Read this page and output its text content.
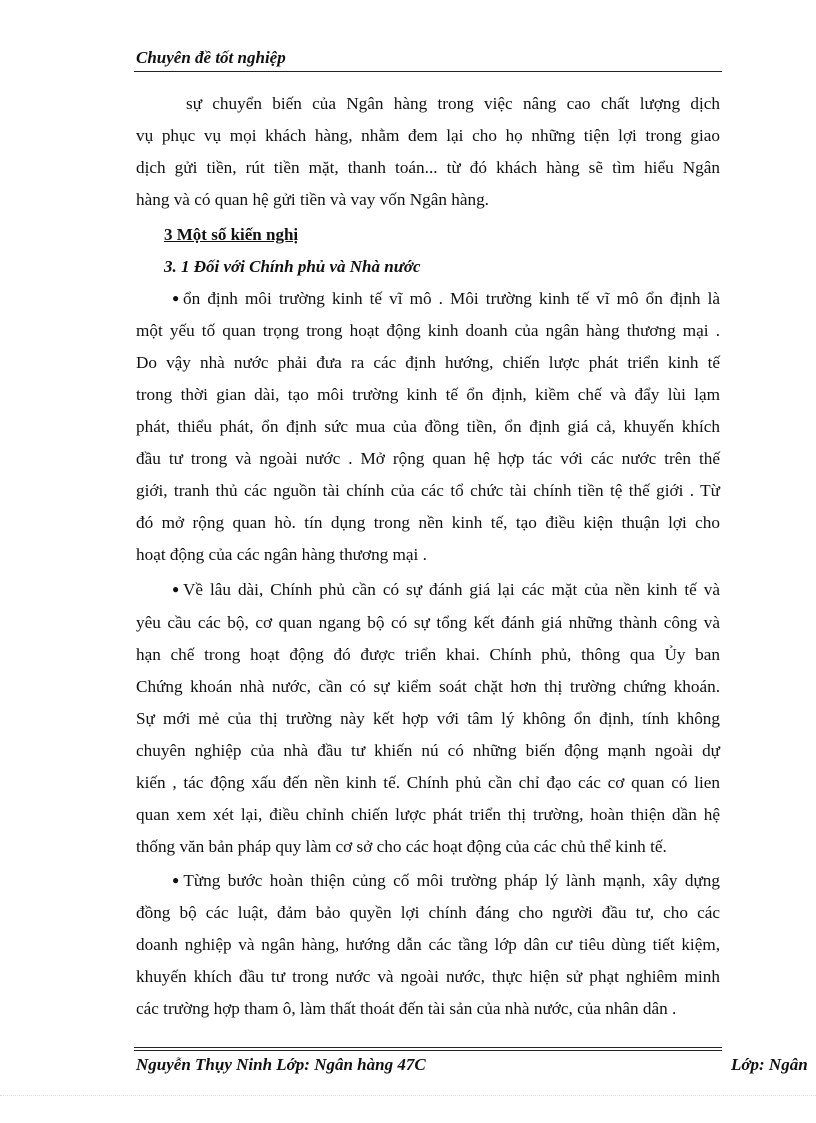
Chuyên đề tốt nghiệp
sự chuyển biến của Ngân hàng trong việc nâng cao chất lượng dịch
vụ phục vụ mọi khách hàng, nhằm đem lại cho họ những tiện lợi trong giao
dịch gửi tiền, rút tiền mặt, thanh toán... từ đó khách hàng sẽ tìm hiểu Ngân
hàng và có quan hệ gửi tiền và vay vốn Ngân hàng.
3 Một số kiến nghị
3. 1 Đối với Chính phủ và Nhà nước
●ổn định môi trường kinh tế vĩ mô . Môi trường kinh tế vĩ mô ổn định là
một yếu tố quan trọng trong hoạt động kinh doanh của ngân hàng thương mại .
Do vậy nhà nước phải đưa ra các định hướng, chiến lược phát triển kinh tế
trong thời gian dài, tạo môi trường kinh tế ổn định, kiềm chế và đẩy lùi lạm
phát, thiểu phát, ổn định sức mua của đồng tiền, ổn định giá cả, khuyến khích
đầu tư trong và ngoài nước . Mở rộng quan hệ hợp tác với các nước trên thế
giới, tranh thủ các nguồn tài chính của các tổ chức tài chính tiền tệ thế giới . Từ
đó mở rộng quan hò. tín dụng trong nền kinh tế, tạo điều kiện thuận lợi cho
hoạt động của các ngân hàng thương mại .
●Về lâu dài, Chính phủ cần có sự đánh giá lại các mặt của nền kinh tế và
yêu cầu các bộ, cơ quan ngang bộ có sự tổng kết đánh giá những thành công và
hạn chế trong hoạt động đó được triển khai. Chính phủ, thông qua Ủy ban
Chứng khoán nhà nước, cần có sự kiểm soát chặt hơn thị trường chứng khoán.
Sự mới mẻ của thị trường này kết hợp với tâm lý không ổn định, tính không
chuyên nghiệp của nhà đầu tư khiến nú có những biến động mạnh ngoài dự
kiến , tác động xấu đến nền kinh tế. Chính phủ cần chỉ đạo các cơ quan có lien
quan xem xét lại, điều chỉnh chiến lược phát triển thị trường, hoàn thiện dần hệ
thống văn bản pháp quy làm cơ sở cho các hoạt động của các chủ thể kinh tế.
●Từng bước hoàn thiện củng cố môi trường pháp lý lành mạnh, xây dựng
đồng bộ các luật, đảm bảo quyền lợi chính đáng cho người đầu tư, cho các
doanh nghiệp và ngân hàng, hướng dẫn các tầng lớp dân cư tiêu dùng tiết kiệm,
khuyến khích đầu tư trong nước và ngoài nước, thực hiện sử phạt nghiêm minh
các trường hợp tham ô, làm thất thoát đến tài sản của nhà nước, của nhân dân .
Nguyễn Thụy Ninh Lớp: Ngân hàng 47C	Lớp: Ngân
